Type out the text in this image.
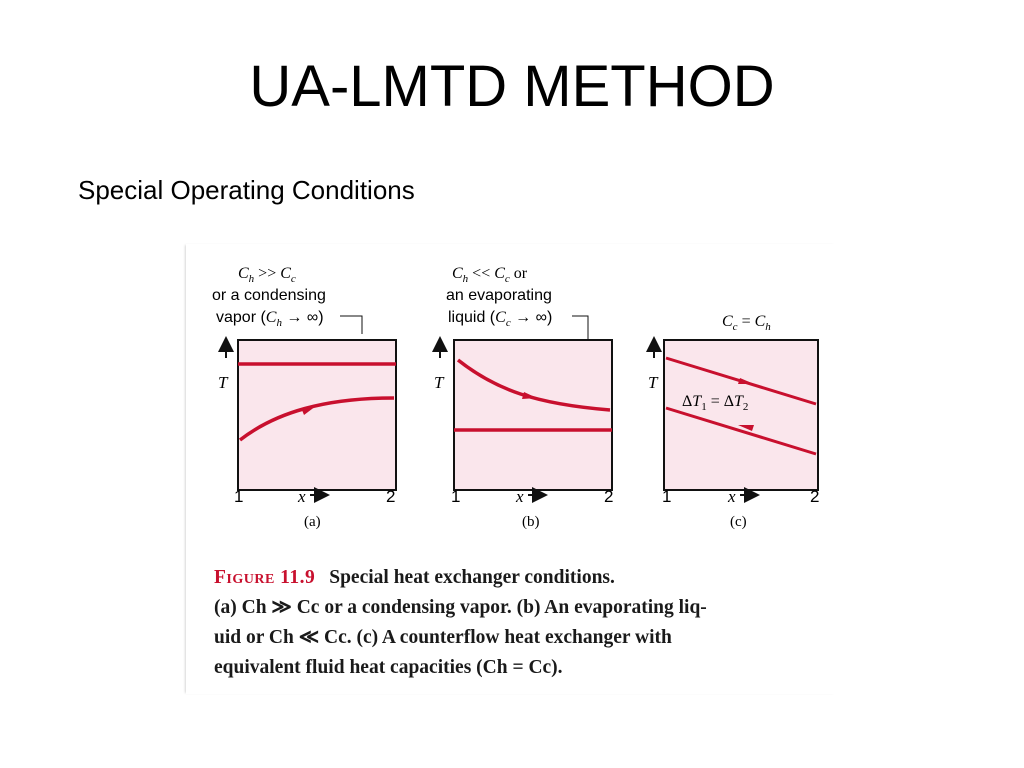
UA-LMTD METHOD
Special Operating Conditions
$C_h >> C_c$
or a condensing
vapor ($C_h$ → ∞)
T
1	x	2
(a)
$C_h << C_c$ or
an evaporating
liquid ($C_c$ → ∞)
T
1	x	2
(b)
$C_c = C_h$
$\Delta T_1 = \Delta T_2$
T
1	x	2
(c)
Figure 11.9 Special heat exchanger conditions.
(a) Ch ≫ Cc or a condensing vapor. (b) An evaporating liq-
uid or Ch ≪ Cc. (c) A counterflow heat exchanger with
equivalent fluid heat capacities (Ch = Cc).
